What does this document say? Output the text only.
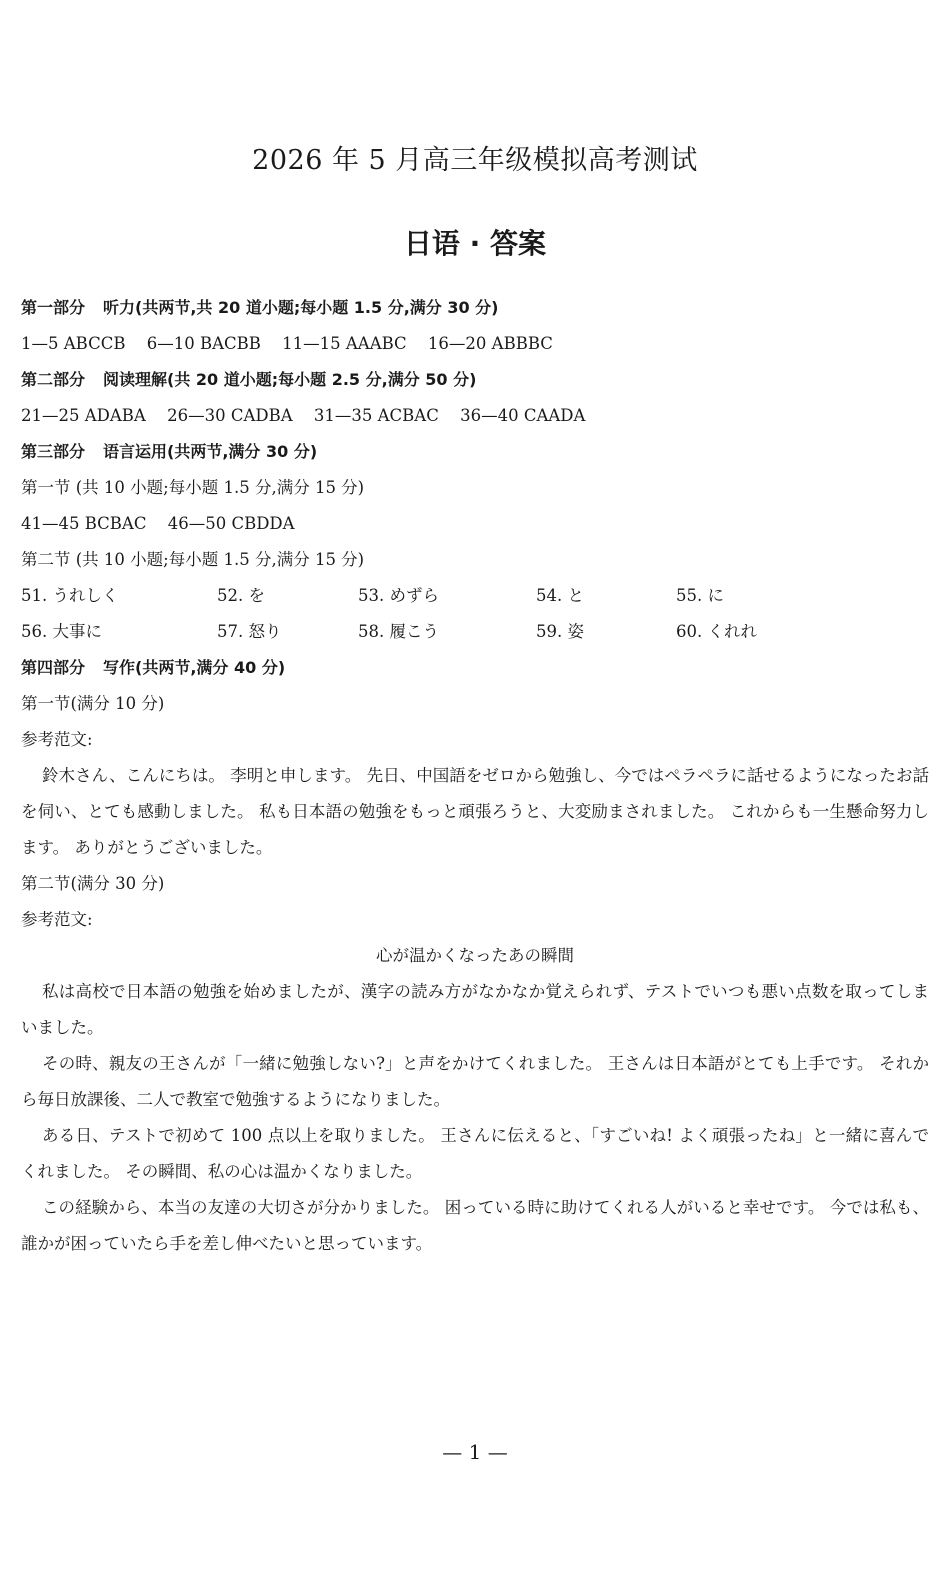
2026 年 5 月高三年级模拟高考测试
日语 · 答案
第一部分 听力(共两节,共 20 道小题;每小题 1.5 分,满分 30 分)
1—5 ABCCB 6—10 BACBB 11—15 AAABC 16—20 ABBBC
第二部分 阅读理解(共 20 道小题;每小题 2.5 分,满分 50 分)
21—25 ADABA 26—30 CADBA 31—35 ACBAC 36—40 CAADA
第三部分 语言运用(共两节,满分 30 分)
第一节 (共 10 小题;每小题 1.5 分,满分 15 分)
41—45 BCBAC 46—50 CBDDA
第二节 (共 10 小题;每小题 1.5 分,满分 15 分)
51. うれしく	52. を	53. めずら	54. と	55. に
56. 大事に	57. 怒り	58. 履こう	59. 姿	60. くれれ
第四部分 写作(共两节,满分 40 分)
第一节(满分 10 分)
参考范文:

鈴木さん、こんにちは。 李明と申します。 先日、中国語をゼロから勉強し、今ではペラペラに話せるようになったお話を伺い、とても感動しました。 私も日本語の勉強をもっと頑張ろうと、大変励まされました。 これからも一生懸命努力します。 ありがとうございました。

第二节(满分 30 分)
参考范文:
心が温かくなったあの瞬間

私は高校で日本語の勉強を始めましたが、漢字の読み方がなかなか覚えられず、テストでいつも悪い点数を取ってしまいました。

その時、親友の王さんが「一緒に勉強しない?」と声をかけてくれました。 王さんは日本語がとても上手です。 それから毎日放課後、二人で教室で勉強するようになりました。

ある日、テストで初めて 100 点以上を取りました。 王さんに伝えると、「すごいね! よく頑張ったね」と一緒に喜んでくれました。 その瞬間、私の心は温かくなりました。

この経験から、本当の友達の大切さが分かりました。 困っている時に助けてくれる人がいると幸せです。 今では私も、誰かが困っていたら手を差し伸べたいと思っています。

— 1 —
